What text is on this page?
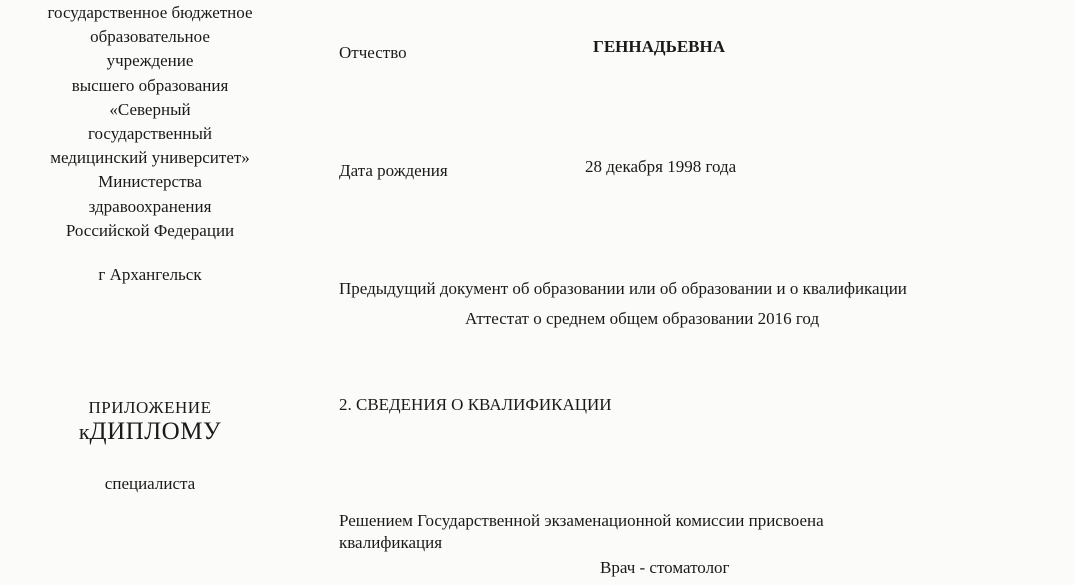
государственное бюджетное
образовательное
учреждение
высшего образования
«Северный
государственный
медицинский университет»
Министерства
здравоохранения
Российской Федерации
г Архангельск
ПРИЛОЖЕНИЕ
кДИПЛОМУ
специалиста
Отчество	ГЕННАДЬЕВНА
Дата рождения	28 декабря 1998 года
Предыдущий документ об образовании или об образовании и о квалификации
Аттестат о среднем общем образовании 2016 год
2. СВЕДЕНИЯ О КВАЛИФИКАЦИИ
Решением Государственной экзаменационной комиссии присвоена
квалификация
Врач - стоматолог
